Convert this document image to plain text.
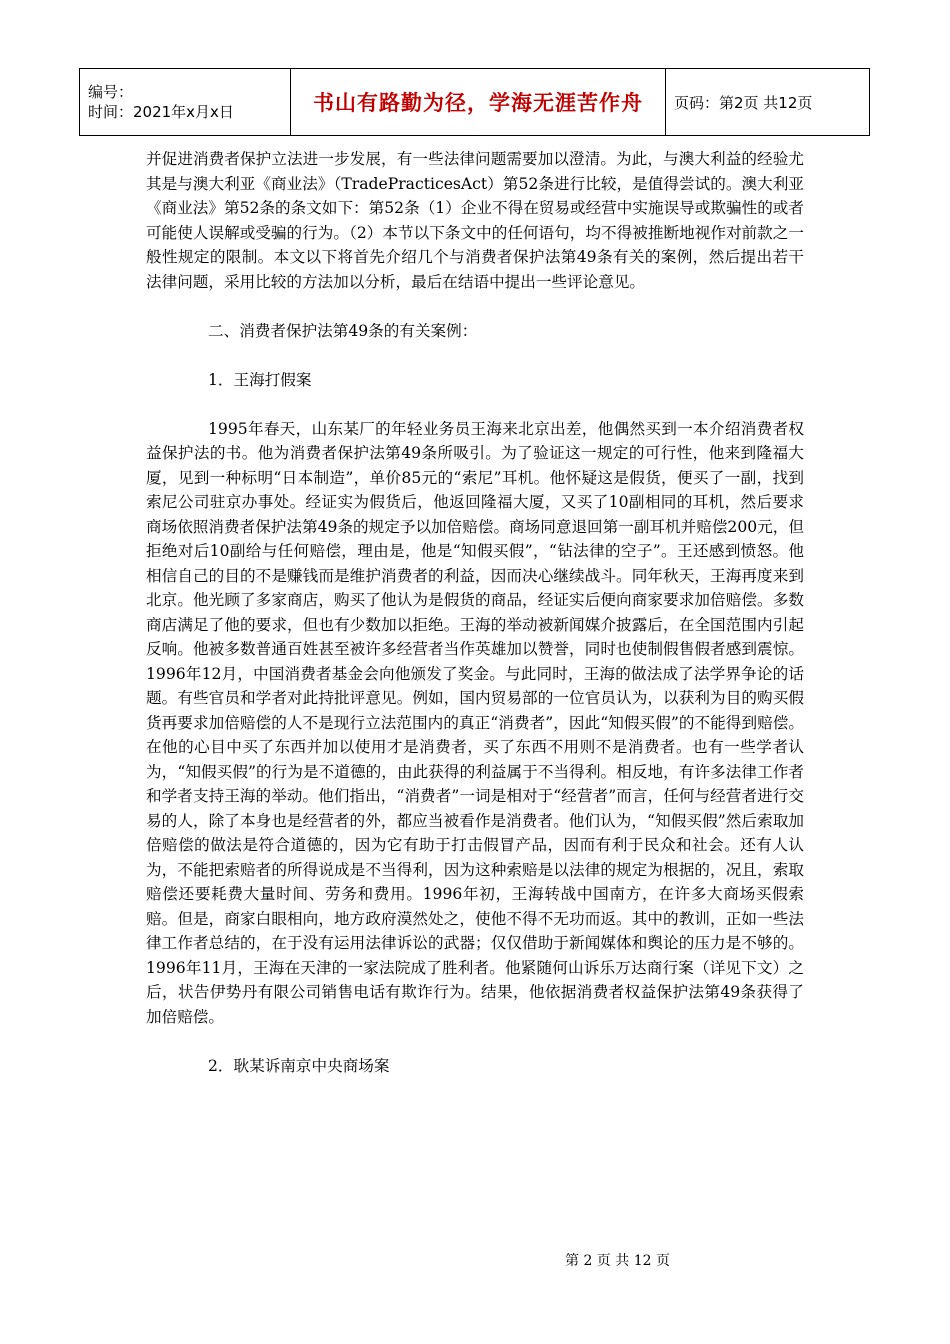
编号：
时间：2021年x月x日	书山有路勤为径，学海无涯苦作舟	页码：第2页 共12页

并促进消费者保护立法进一步发展，有一些法律问题需要加以澄清。为此，与澳大利益的经验尤其是与澳大利亚《商业法》（TradePracticesAct）第52条进行比较，是值得尝试的。澳大利亚《商业法》第52条的条文如下：第52条（1）企业不得在贸易或经营中实施误导或欺骗性的或者可能使人误解或受骗的行为。（2）本节以下条文中的任何语句，均不得被推断地视作对前款之一般性规定的限制。本文以下将首先介绍几个与消费者保护法第49条有关的案例，然后提出若干法律问题，采用比较的方法加以分析，最后在结语中提出一些评论意见。

二、消费者保护法第49条的有关案例：

1．王海打假案

1995年春天，山东某厂的年轻业务员王海来北京出差，他偶然买到一本介绍消费者权益保护法的书。他为消费者保护法第49条所吸引。为了验证这一规定的可行性，他来到隆福大厦，见到一种标明“日本制造”，单价85元的“索尼”耳机。他怀疑这是假货，便买了一副，找到索尼公司驻京办事处。经证实为假货后，他返回隆福大厦，又买了10副相同的耳机，然后要求商场依照消费者保护法第49条的规定予以加倍赔偿。商场同意退回第一副耳机并赔偿200元，但拒绝对后10副给与任何赔偿，理由是，他是“知假买假”，“钻法律的空子”。王还感到愤怒。他相信自己的目的不是赚钱而是维护消费者的利益，因而决心继续战斗。同年秋天，王海再度来到北京。他光顾了多家商店，购买了他认为是假货的商品，经证实后便向商家要求加倍赔偿。多数商店满足了他的要求，但也有少数加以拒绝。王海的举动被新闻媒介披露后，在全国范围内引起反响。他被多数普通百姓甚至被许多经营者当作英雄加以赞誉，同时也使制假售假者感到震惊。1996年12月，中国消费者基金会向他颁发了奖金。与此同时，王海的做法成了法学界争论的话题。有些官员和学者对此持批评意见。例如，国内贸易部的一位官员认为，以获利为目的购买假货再要求加倍赔偿的人不是现行立法范围内的真正“消费者”，因此“知假买假”的不能得到赔偿。在他的心目中买了东西并加以使用才是消费者，买了东西不用则不是消费者。也有一些学者认为，“知假买假”的行为是不道德的，由此获得的利益属于不当得利。相反地，有许多法律工作者和学者支持王海的举动。他们指出，“消费者”一词是相对于“经营者”而言，任何与经营者进行交易的人，除了本身也是经营者的外，都应当被看作是消费者。他们认为，“知假买假”然后索取加倍赔偿的做法是符合道德的，因为它有助于打击假冒产品，因而有利于民众和社会。还有人认为，不能把索赔者的所得说成是不当得利，因为这种索赔是以法律的规定为根据的，况且，索取赔偿还要耗费大量时间、劳务和费用。1996年初，王海转战中国南方，在许多大商场买假索赔。但是，商家白眼相向，地方政府漠然处之，使他不得不无功而返。其中的教训，正如一些法律工作者总结的，在于没有运用法律诉讼的武器；仅仅借助于新闻媒体和舆论的压力是不够的。1996年11月，王海在天津的一家法院成了胜利者。他紧随何山诉乐万达商行案（详见下文）之后，状告伊势丹有限公司销售电话有欺诈行为。结果，他依据消费者权益保护法第49条获得了加倍赔偿。

2．耿某诉南京中央商场案

第 2 页 共 12 页
